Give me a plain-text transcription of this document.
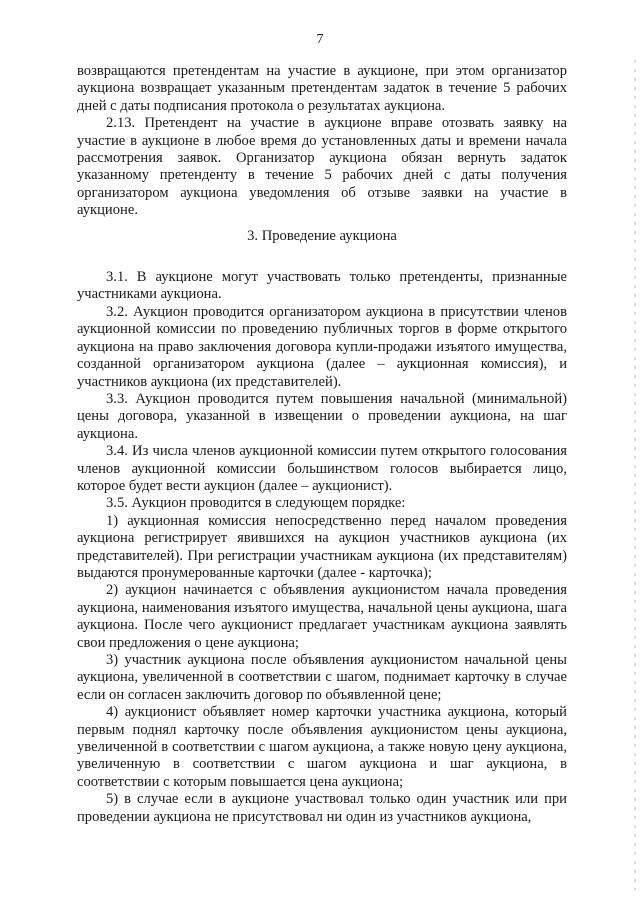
7

возвращаются претендентам на участие в аукционе, при этом организатор аукциона возвращает указанным претендентам задаток в течение 5 рабочих дней с даты подписания протокола о результатах аукциона.

2.13. Претендент на участие в аукционе вправе отозвать заявку на участие в аукционе в любое время до установленных даты и времени начала рассмотрения заявок. Организатор аукциона обязан вернуть задаток указанному претенденту в течение 5 рабочих дней с даты получения организатором аукциона уведомления об отзыве заявки на участие в аукционе.

3. Проведение аукциона

3.1. В аукционе могут участвовать только претенденты, признанные участниками аукциона.

3.2. Аукцион проводится организатором аукциона в присутствии членов аукционной комиссии по проведению публичных торгов в форме открытого аукциона на право заключения договора купли-продажи изъятого имущества, созданной организатором аукциона (далее – аукционная комиссия), и участников аукциона (их представителей).

3.3. Аукцион проводится путем повышения начальной (минимальной) цены договора, указанной в извещении о проведении аукциона, на шаг аукциона.

3.4. Из числа членов аукционной комиссии путем открытого голосования членов аукционной комиссии большинством голосов выбирается лицо, которое будет вести аукцион (далее – аукционист).

3.5. Аукцион проводится в следующем порядке:

1) аукционная комиссия непосредственно перед началом проведения аукциона регистрирует явившихся на аукцион участников аукциона (их представителей). При регистрации участникам аукциона (их представителям) выдаются пронумерованные карточки (далее - карточка);

2) аукцион начинается с объявления аукционистом начала проведения аукциона, наименования изъятого имущества, начальной цены аукциона, шага аукциона. После чего аукционист предлагает участникам аукциона заявлять свои предложения о цене аукциона;

3) участник аукциона после объявления аукционистом начальной цены аукциона, увеличенной в соответствии с шагом, поднимает карточку в случае если он согласен заключить договор по объявленной цене;

4) аукционист объявляет номер карточки участника аукциона, который первым поднял карточку после объявления аукционистом цены аукциона, увеличенной в соответствии с шагом аукциона, а также новую цену аукциона, увеличенную в соответствии с шагом аукциона и шаг аукциона, в соответствии с которым повышается цена аукциона;

5) в случае если в аукционе участвовал только один участник или при проведении аукциона не присутствовал ни один из участников аукциона,
